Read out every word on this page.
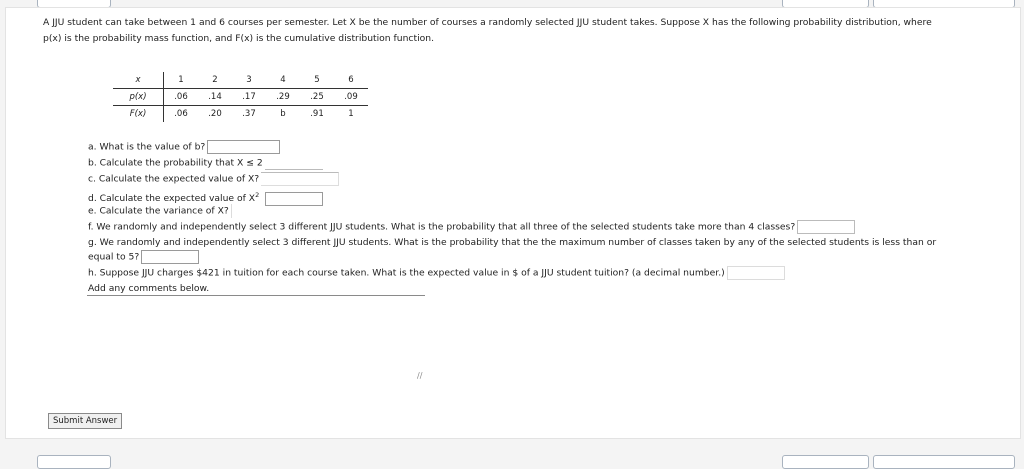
A JJU student can take between 1 and 6 courses per semester. Let X be the number of courses a randomly selected JJU student takes. Suppose X has the following probability distribution, where
p(x) is the probability mass function, and F(x) is the cumulative distribution function.
x	1	2	3	4	5	6
p(x)	.06	.14	.17	.29	.25	.09
F(x)	.06	.20	.37	b	.91	1
a. What is the value of b?
b. Calculate the probability that X ≤ 2
c. Calculate the expected value of X?
d. Calculate the expected value of $X^2$
e. Calculate the variance of X?
f. We randomly and independently select 3 different JJU students. What is the probability that all three of the selected students take more than 4 classes?
g. We randomly and independently select 3 different JJU students. What is the probability that the the maximum number of classes taken by any of the selected students is less than or
equal to 5?
h. Suppose JJU charges $421 in tuition for each course taken. What is the expected value in $ of a JJU student tuition? (a decimal number.)
Add any comments below.
∕∕
Submit Answer
